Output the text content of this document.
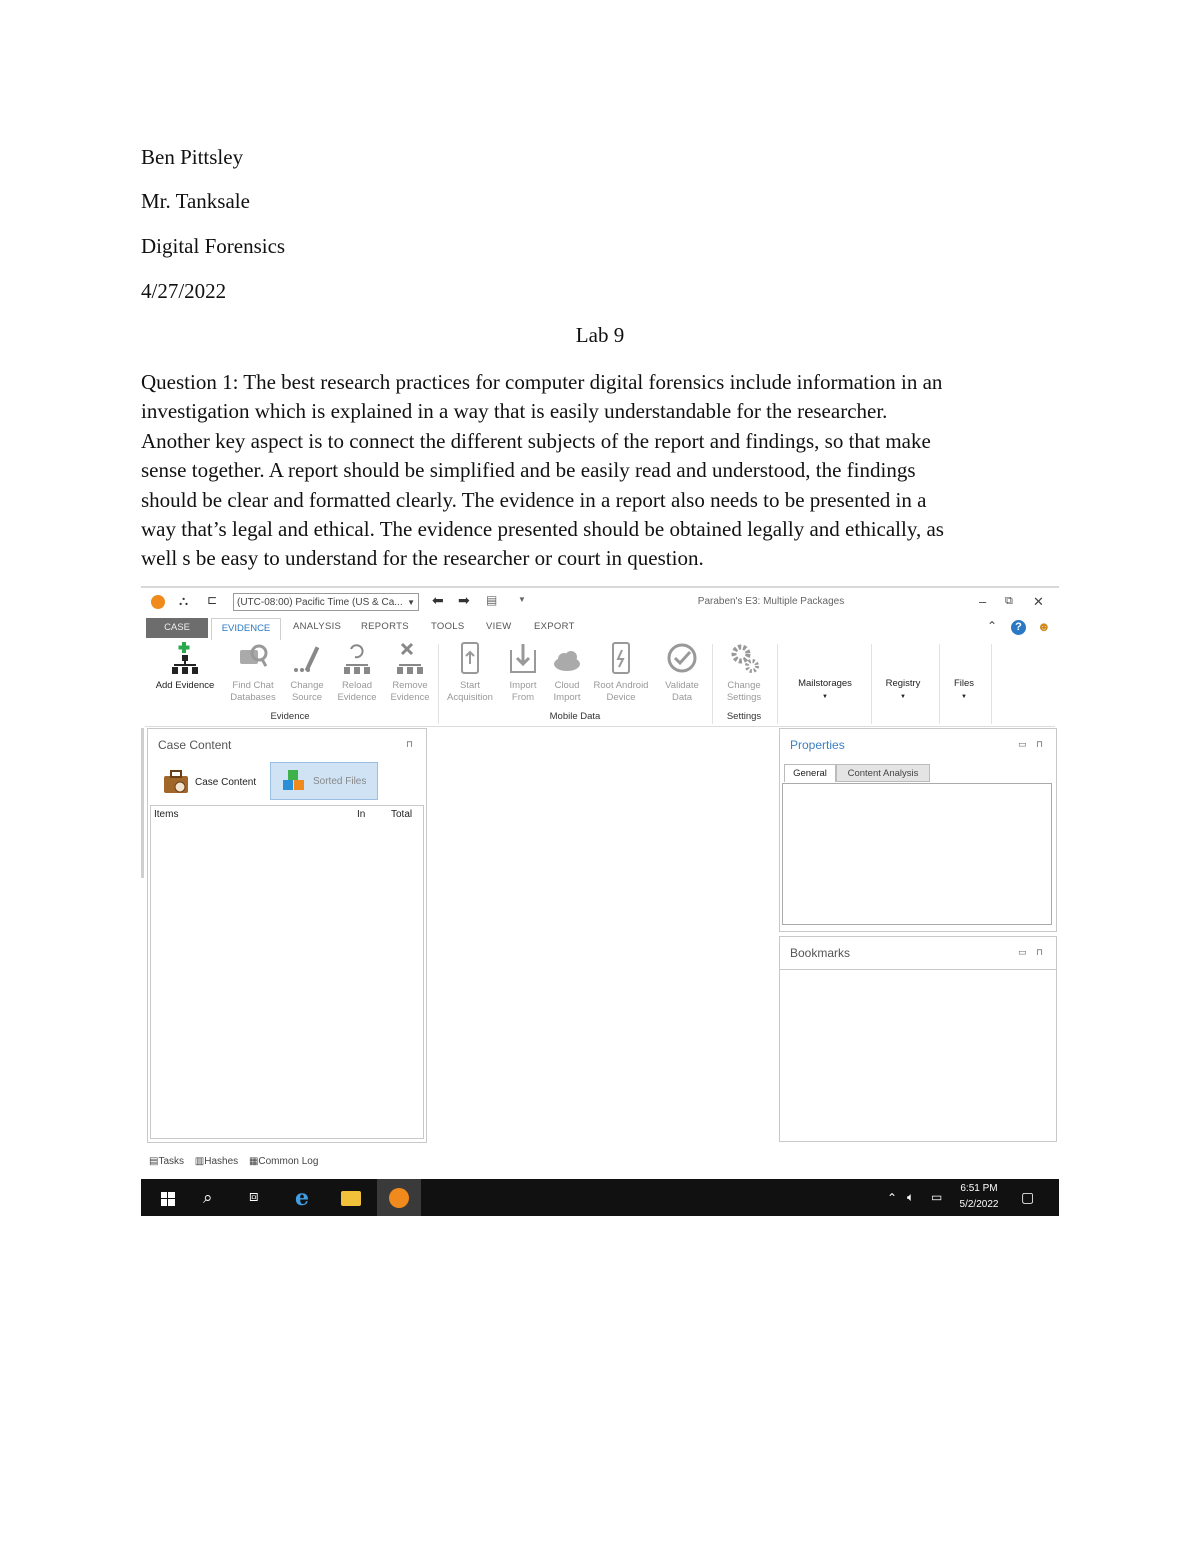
Ben Pittsley
Mr. Tanksale
Digital Forensics
4/27/2022
Lab 9
Question 1: The best research practices for computer digital forensics include information in an
investigation which is explained in a way that is easily understandable for the researcher.
Another key aspect is to connect the different subjects of the report and findings, so that make
sense together. A report should be simplified and be easily read and understood, the findings
should be clear and formatted clearly. The evidence in a report also needs to be presented in a
way that’s legal and ethical. The evidence presented should be obtained legally and ethically, as
well s be easy to understand for the researcher or court in question.
⛬ ⊏	(UTC-08:00) Pacific Time (US & Ca... ▼ ⬅ ➡ ▤	▼	Paraben's E3: Multiple Packages	– ⧉ ✕
CASE	EVIDENCE	ANALYSIS REPORTS TOOLS VIEW EXPORT	⌃	?	☻
Add Evidence	Find Chat
Databases
Change
Source
Reload
Evidence
Remove
Evidence
Evidence
Start
Acquisition
Import
From
Cloud
Import
Root Android
Device
Validate
Data
Mobile Data
Change
Settings
Settings
Mailstorages
▼
Registry
▼
Files
▼
Case Content	⊓
Case Content	Sorted Files
Items	In	Total
Properties	▭ ⊓
General	Content Analysis
Bookmarks	▭ ⊓
▤Tasks ▥Hashes ▦Common Log
⌕ ⧈ e	⌃ 🔈︎ ▭
6:51 PM
5/2/2022	▢
